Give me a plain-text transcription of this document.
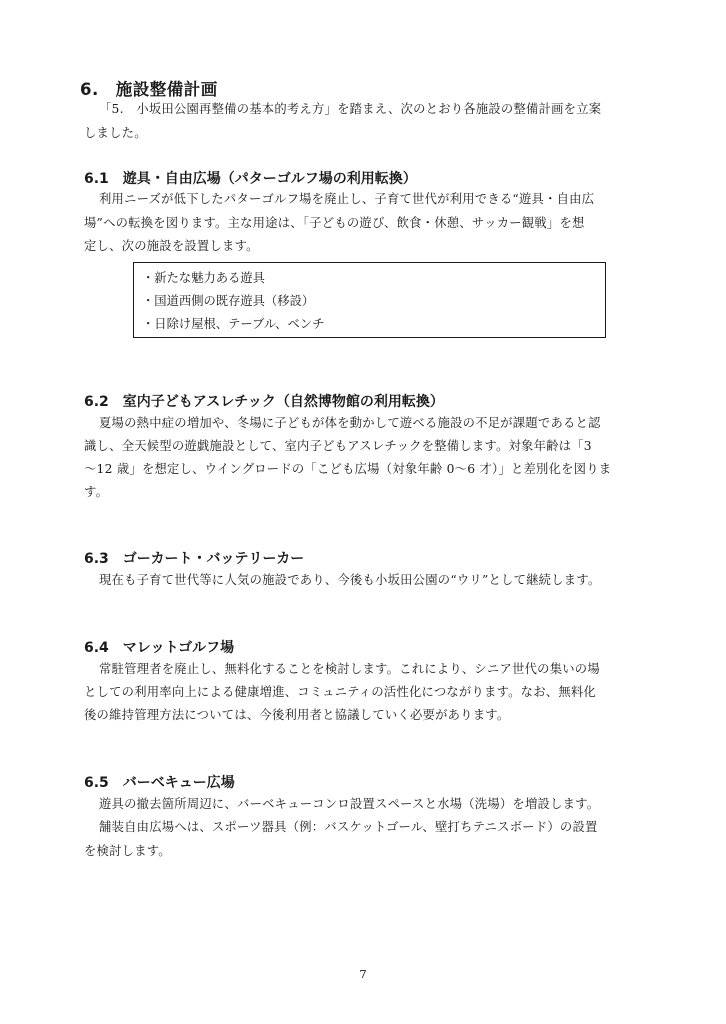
6.　施設整備計画
「5.　小坂田公園再整備の基本的考え方」を踏まえ、次のとおり各施設の整備計画を立案
しました。
6.1　遊具・自由広場（パターゴルフ場の利用転換）
利用ニーズが低下したパターゴルフ場を廃止し、子育て世代が利用できる“遊具・自由広
場”への転換を図ります。主な用途は、「子どもの遊び、飲食・休憩、サッカー観戦」を想
定し、次の施設を設置します。
・新たな魅力ある遊具
・国道西側の既存遊具（移設）
・日除け屋根、テーブル、ベンチ
6.2　室内子どもアスレチック（自然博物館の利用転換）
夏場の熱中症の増加や、冬場に子どもが体を動かして遊べる施設の不足が課題であると認
識し、全天候型の遊戯施設として、室内子どもアスレチックを整備します。対象年齢は「3
〜12 歳」を想定し、ウイングロードの「こども広場（対象年齢 0〜6 才）」と差別化を図りま
す。
6.3　ゴーカート・バッテリーカー
現在も子育て世代等に人気の施設であり、今後も小坂田公園の“ウリ”として継続します。
6.4　マレットゴルフ場
常駐管理者を廃止し、無料化することを検討します。これにより、シニア世代の集いの場
としての利用率向上による健康増進、コミュニティの活性化につながります。なお、無料化
後の維持管理方法については、今後利用者と協議していく必要があります。
6.5　バーベキュー広場
遊具の撤去箇所周辺に、バーベキューコンロ設置スペースと水場（洗場）を増設します。
舗装自由広場へは、スポーツ器具（例：バスケットゴール、壁打ちテニスボード）の設置
を検討します。
7
